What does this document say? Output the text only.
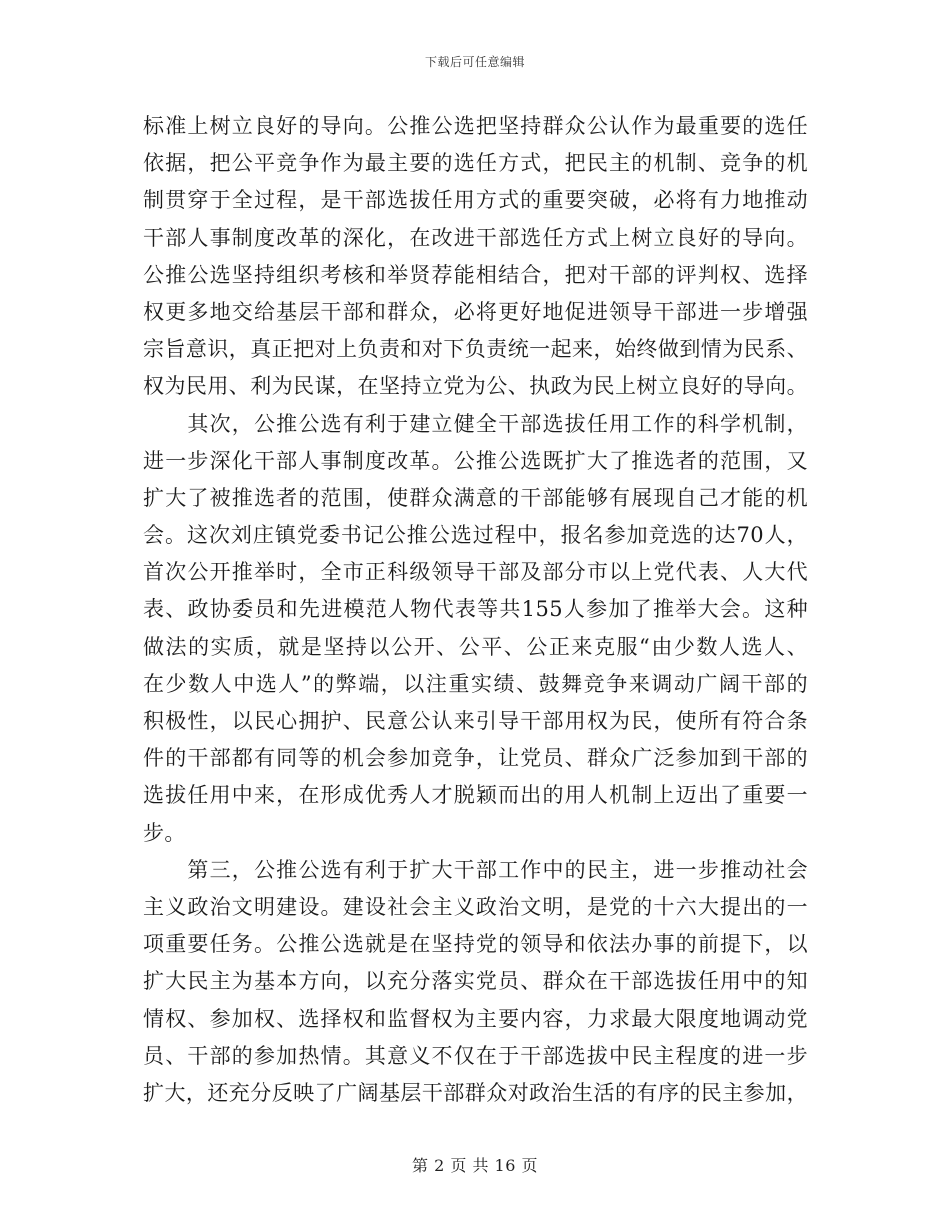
下载后可任意编辑
标准上树立良好的导向。公推公选把坚持群众公认作为最重要的选任
依据，把公平竞争作为最主要的选任方式，把民主的机制、竞争的机
制贯穿于全过程，是干部选拔任用方式的重要突破，必将有力地推动
干部人事制度改革的深化，在改进干部选任方式上树立良好的导向。
公推公选坚持组织考核和举贤荐能相结合，把对干部的评判权、选择
权更多地交给基层干部和群众，必将更好地促进领导干部进一步增强
宗旨意识，真正把对上负责和对下负责统一起来，始终做到情为民系、
权为民用、利为民谋，在坚持立党为公、执政为民上树立良好的导向。
　　其次，公推公选有利于建立健全干部选拔任用工作的科学机制，
进一步深化干部人事制度改革。公推公选既扩大了推选者的范围，又
扩大了被推选者的范围，使群众满意的干部能够有展现自己才能的机
会。这次刘庄镇党委书记公推公选过程中，报名参加竞选的达70人，
首次公开推举时，全市正科级领导干部及部分市以上党代表、人大代
表、政协委员和先进模范人物代表等共155人参加了推举大会。这种
做法的实质，就是坚持以公开、公平、公正来克服“由少数人选人、
在少数人中选人”的弊端，以注重实绩、鼓舞竞争来调动广阔干部的
积极性，以民心拥护、民意公认来引导干部用权为民，使所有符合条
件的干部都有同等的机会参加竞争，让党员、群众广泛参加到干部的
选拔任用中来，在形成优秀人才脱颖而出的用人机制上迈出了重要一
步。
　　第三，公推公选有利于扩大干部工作中的民主，进一步推动社会
主义政治文明建设。建设社会主义政治文明，是党的十六大提出的一
项重要任务。公推公选就是在坚持党的领导和依法办事的前提下，以
扩大民主为基本方向，以充分落实党员、群众在干部选拔任用中的知
情权、参加权、选择权和监督权为主要内容，力求最大限度地调动党
员、干部的参加热情。其意义不仅在于干部选拔中民主程度的进一步
扩大，还充分反映了广阔基层干部群众对政治生活的有序的民主参加，
第 2 页 共 16 页
